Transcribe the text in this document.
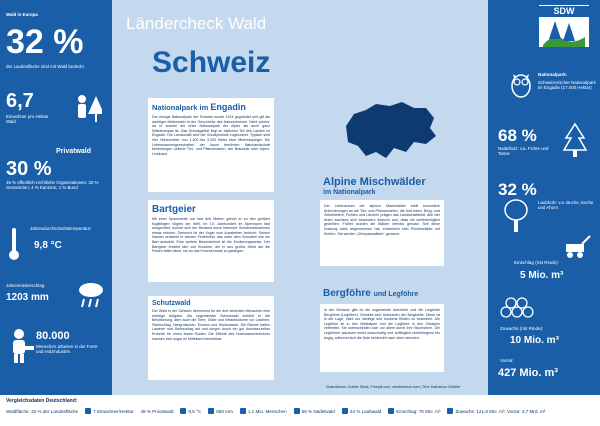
Wald in Europa
32 %
der Landesfläche sind mit Wald bedeckt
6,7
Einwohner pro Hektar Wald
Privatwald
30 %
35 % öffentlich-rechtliche Organisationen; 30 % Gemeinden; 4 % Kantone; 1 % Bund
Jahresdurchschnittstemperatur:
9,8 °C
Jahresniederschlag:
1203 mm
80.000
Menschen arbeiten in der Forst- und Holzindustrie.
Ländercheck Wald
Schweiz
Nationalpark im Engadin
Der einzige Nationalpark der Schweiz wurde 1914 gegründet und gilt als wichtiger Meilenstein in der Geschichte des Naturschutzes. Nicht zuletzt, da er sowohl der erste Nationalpark der Alpen als auch ganz Mitteleuropas ist. Das Schutzgebiet liegt im östlichen Teil des Landes im Engadin. Die Landschaft wird der Subalpinstufe zugeordnet. Typisch sind hier Höhenmeter von 1.400 bis 3.200 Meter über Meeresspiegel. Die Lebensraumeigenschaften der kaum berührten Naturlandschaft beherbergen seltene Tier- und Pflanzenarten, wie Braunbär oder Alpen-Leinkraut.
Bartgeier
Mit einer Spannweite von fast drei Metern gehört er zu den größten flugfähigen Vögeln der Welt. Im 19. Jahrhundert im Alpenraum fast ausgerottet, konnte sich der Bestand durch intensive Schutzmaßnahmen etwas erholen. Dennoch ist der Vogel vom Aussterben bedroht. Seinen Namen verdankt er seinem Federkleid, das unter dem Schnabel wie ein Bart aussieht. Eine weitere Besonderheit ist die Ernährungsweise. Der Bartgeier ernährt sich von Knochen, die er aus großer Höhe auf die Felsen fallen lässt, um an das Knochenmark zu gelangen.
Schutzwald
Der Wald in der Schweiz übernimmt für die dort lebenden Menschen eine wichtige Aufgabe. Als sogenannter Schutzwald schützt er die Bevölkerung, aber auch die Tiere, Güter und Infrastrukturen vor Lawinen, Steinschlag, Hangrutschen, Erosion und Hochwasser. Die Bäume halten Lawinen und Steinschlag auf und sorgen durch ein gut durchwurzeltes Erdreich für einen festen Boden. Die Effekte des Hochwasserschutzes machen sich sogar im Mittelland bemerkbar.
Alpine Mischwälder
im Nationalpark
Der Lebensraum der alpinen Mischwälder stellt besondere Anforderungen an die Tier- und Pflanzenarten, die dort leben. Berg- und Zirbelkiefern, Fichten und Lärchen prägen das Landschaftsbild. Alle vier Arten wachsen sich besonders dadurch aus, dass sie weitestmöglich gedeihen. Früher wurden die Wälder intensiv genutzt. Seit diese Nutzung stark abgenommen hat, entwickeln sich Pionierwälder mit Kiefern. Sie werden „Ofenpasswälder“ genannt.
Bergföhre und Legföhre
In der Schweiz gibt es die sogenannte Aufrechte und die Liegende Bergföhre (Legföhre). Gemeint sind Unterarten der Bergkiefer. Diese ist in der Lage, nicht nur niedrige und trockene Böden zu besiedeln. Die Legföhre ist in den Westalpen und die Legföhre in den Ostalpen verbreitet. Sie unterscheiden sich vor allem durch ihre Wuchsform. Die Legföhren wachsen meist strauchartig und anfänglich niederliegend bis bogig, während sich die Äste senkrecht nach oben strecken.
Illustrationen: Adobe Stock, Freepik.com, shutterstock.com | Text: Katharina Schlüter
Nationalpark:
Schweizerischer Nationalpark im Engadin (17.000 Hektar)
68 %
Nadelholz: v.a. Fichte und Tanne
32 %
Laubholz: v.a. Buche, Esche und Ahorn
Einschlag (mit Rinde):
5 Mio. m³
Zuwachs (mit Rinde):
10 Mio. m³
Vorrat:
427 Mio. m³
SDW
Vergleichsdaten Deutschland:
Waldfläche: 32 % der Landesfläche	7 Einwohner/Hektar 48 % Privatwald	8,5 °C	850 mm	1,1 Mio. Menschen	56 % Nadelwald	44 % Laubwald	Einschlag: 76 Mio. m³	Zuwachs: 121,6 Mio. m³; Vorrat: 3,7 Mrd. m³
